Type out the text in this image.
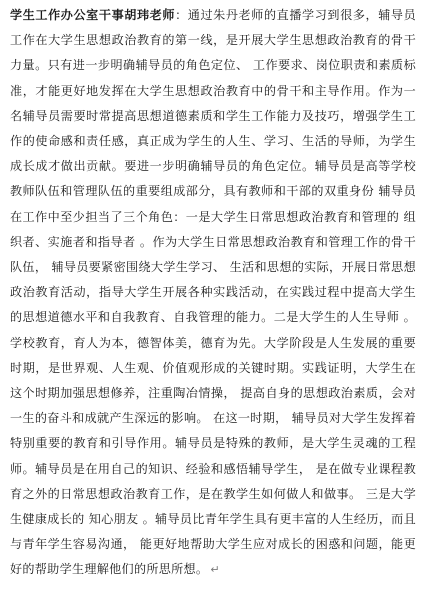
学生工作办公室干事胡玮老师：通过朱丹老师的直播学习到很多，辅导员工作在大学生思想政治教育的第一线，是开展大学生思想政治教育的骨干力量。只有进一步明确辅导员的角色定位、 工作要求、岗位职责和素质标准，才能更好地发挥在大学生思想政治教育中的骨干和主导作用。作为一名辅导员需要时常提高思想道德素质和学生工作能力及技巧，增强学生工作的使命感和责任感，真正成为学生的人生、学习、生活的导师，为学生成长成才做出贡献。要进一步明确辅导员的角色定位。辅导员是高等学校教师队伍和管理队伍的重要组成部分，具有教师和干部的双重身份 辅导员在工作中至少担当了三个角色：一是大学生日常思想政治教育和管理的 组织者、实施者和指导者 。作为大学生日常思想政治教育和管理工作的骨干队伍， 辅导员要紧密围绕大学生学习、 生活和思想的实际，开展日常思想政治教育活动，指导大学生开展各种实践活动，在实践过程中提高大学生的思想道德水平和自我教育、自我管理的能力。二是大学生的人生导师 。学校教育，育人为本，德智体美，德育为先。大学阶段是人生发展的重要时期，是世界观、人生观、价值观形成的关键时期。实践证明，大学生在这个时期加强思想修养，注重陶冶情操， 提高自身的思想政治素质，会对一生的奋斗和成就产生深远的影响。 在这一时期， 辅导员对大学生发挥着特别重要的教育和引导作用。辅导员是特殊的教师，是大学生灵魂的工程师。辅导员是在用自己的知识、经验和感悟辅导学生， 是在做专业课程教育之外的日常思想政治教育工作，是在教学生如何做人和做事。 三是大学生健康成长的 知心朋友 。辅导员比青年学生具有更丰富的人生经历，而且与青年学生容易沟通， 能更好地帮助大学生应对成长的困惑和问题，能更好的帮助学生理解他们的所思所想。 ↵
